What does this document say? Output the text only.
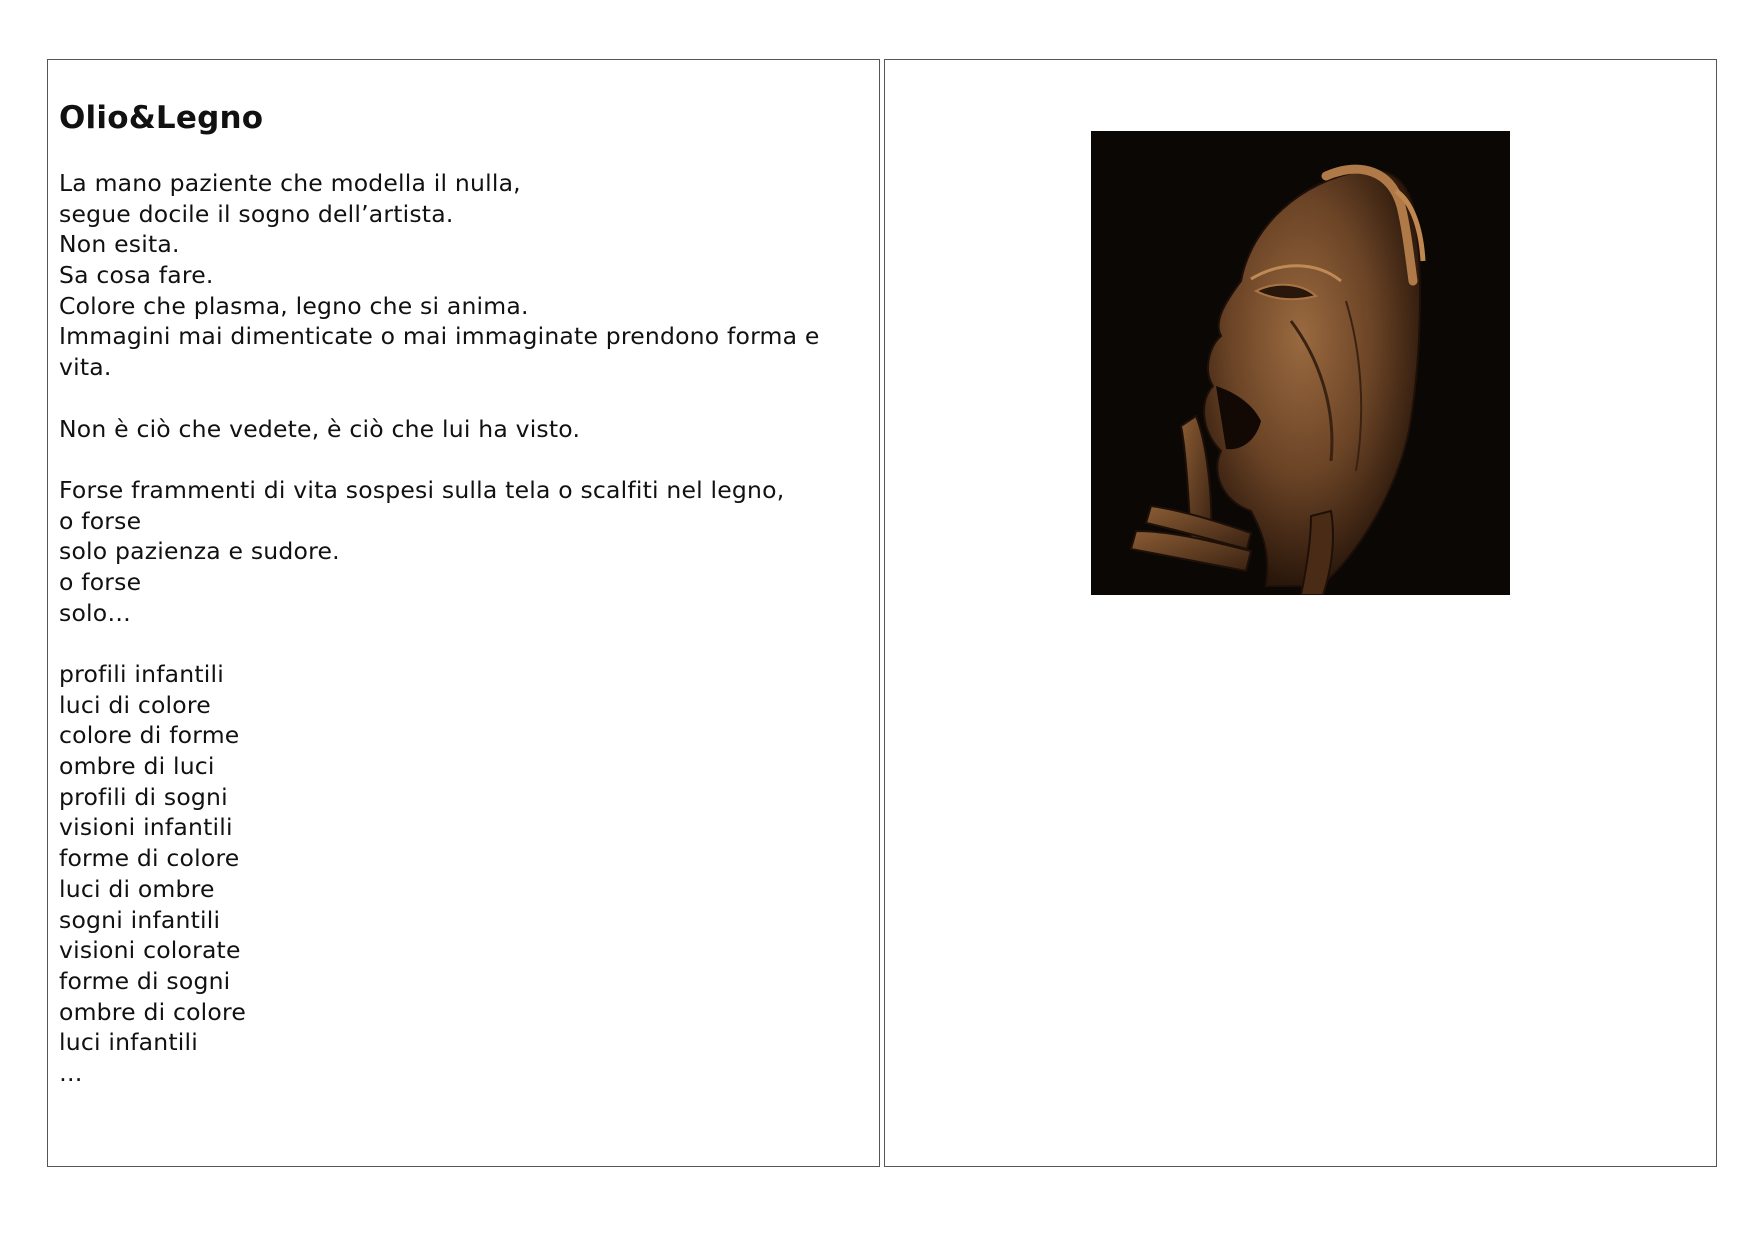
Olio&Legno
La mano paziente che modella il nulla,
segue docile il sogno dell’artista.
Non esita.
Sa cosa fare.
Colore che plasma, legno che si anima.
Immagini mai dimenticate o mai immaginate prendono forma e
vita.
Non è ciò che vedete, è ciò che lui ha visto.
Forse frammenti di vita sospesi sulla tela o scalfiti nel legno,
o forse
solo pazienza e sudore.
o forse
solo…
profili infantili
luci di colore
colore di forme
ombre di luci
profili di sogni
visioni infantili
forme di colore
luci di ombre
sogni infantili
visioni colorate
forme di sogni
ombre di colore
luci infantili
…
